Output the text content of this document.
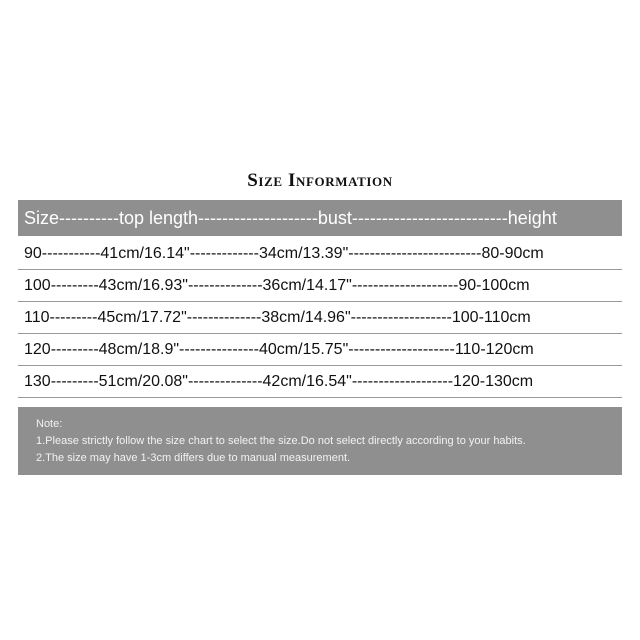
Size Information
Size----------top length--------------------bust--------------------------height
90-----------41cm/16.14"-------------34cm/13.39"-------------------------80-90cm
100---------43cm/16.93"--------------36cm/14.17"--------------------90-100cm
110---------45cm/17.72"--------------38cm/14.96"-------------------100-110cm
120---------48cm/18.9"---------------40cm/15.75"--------------------110-120cm
130---------51cm/20.08"--------------42cm/16.54"-------------------120-130cm
Note:
1.Please strictly follow the size chart to select the size.Do not select directly according to your habits.
2.The size may have 1-3cm differs due to manual measurement.
